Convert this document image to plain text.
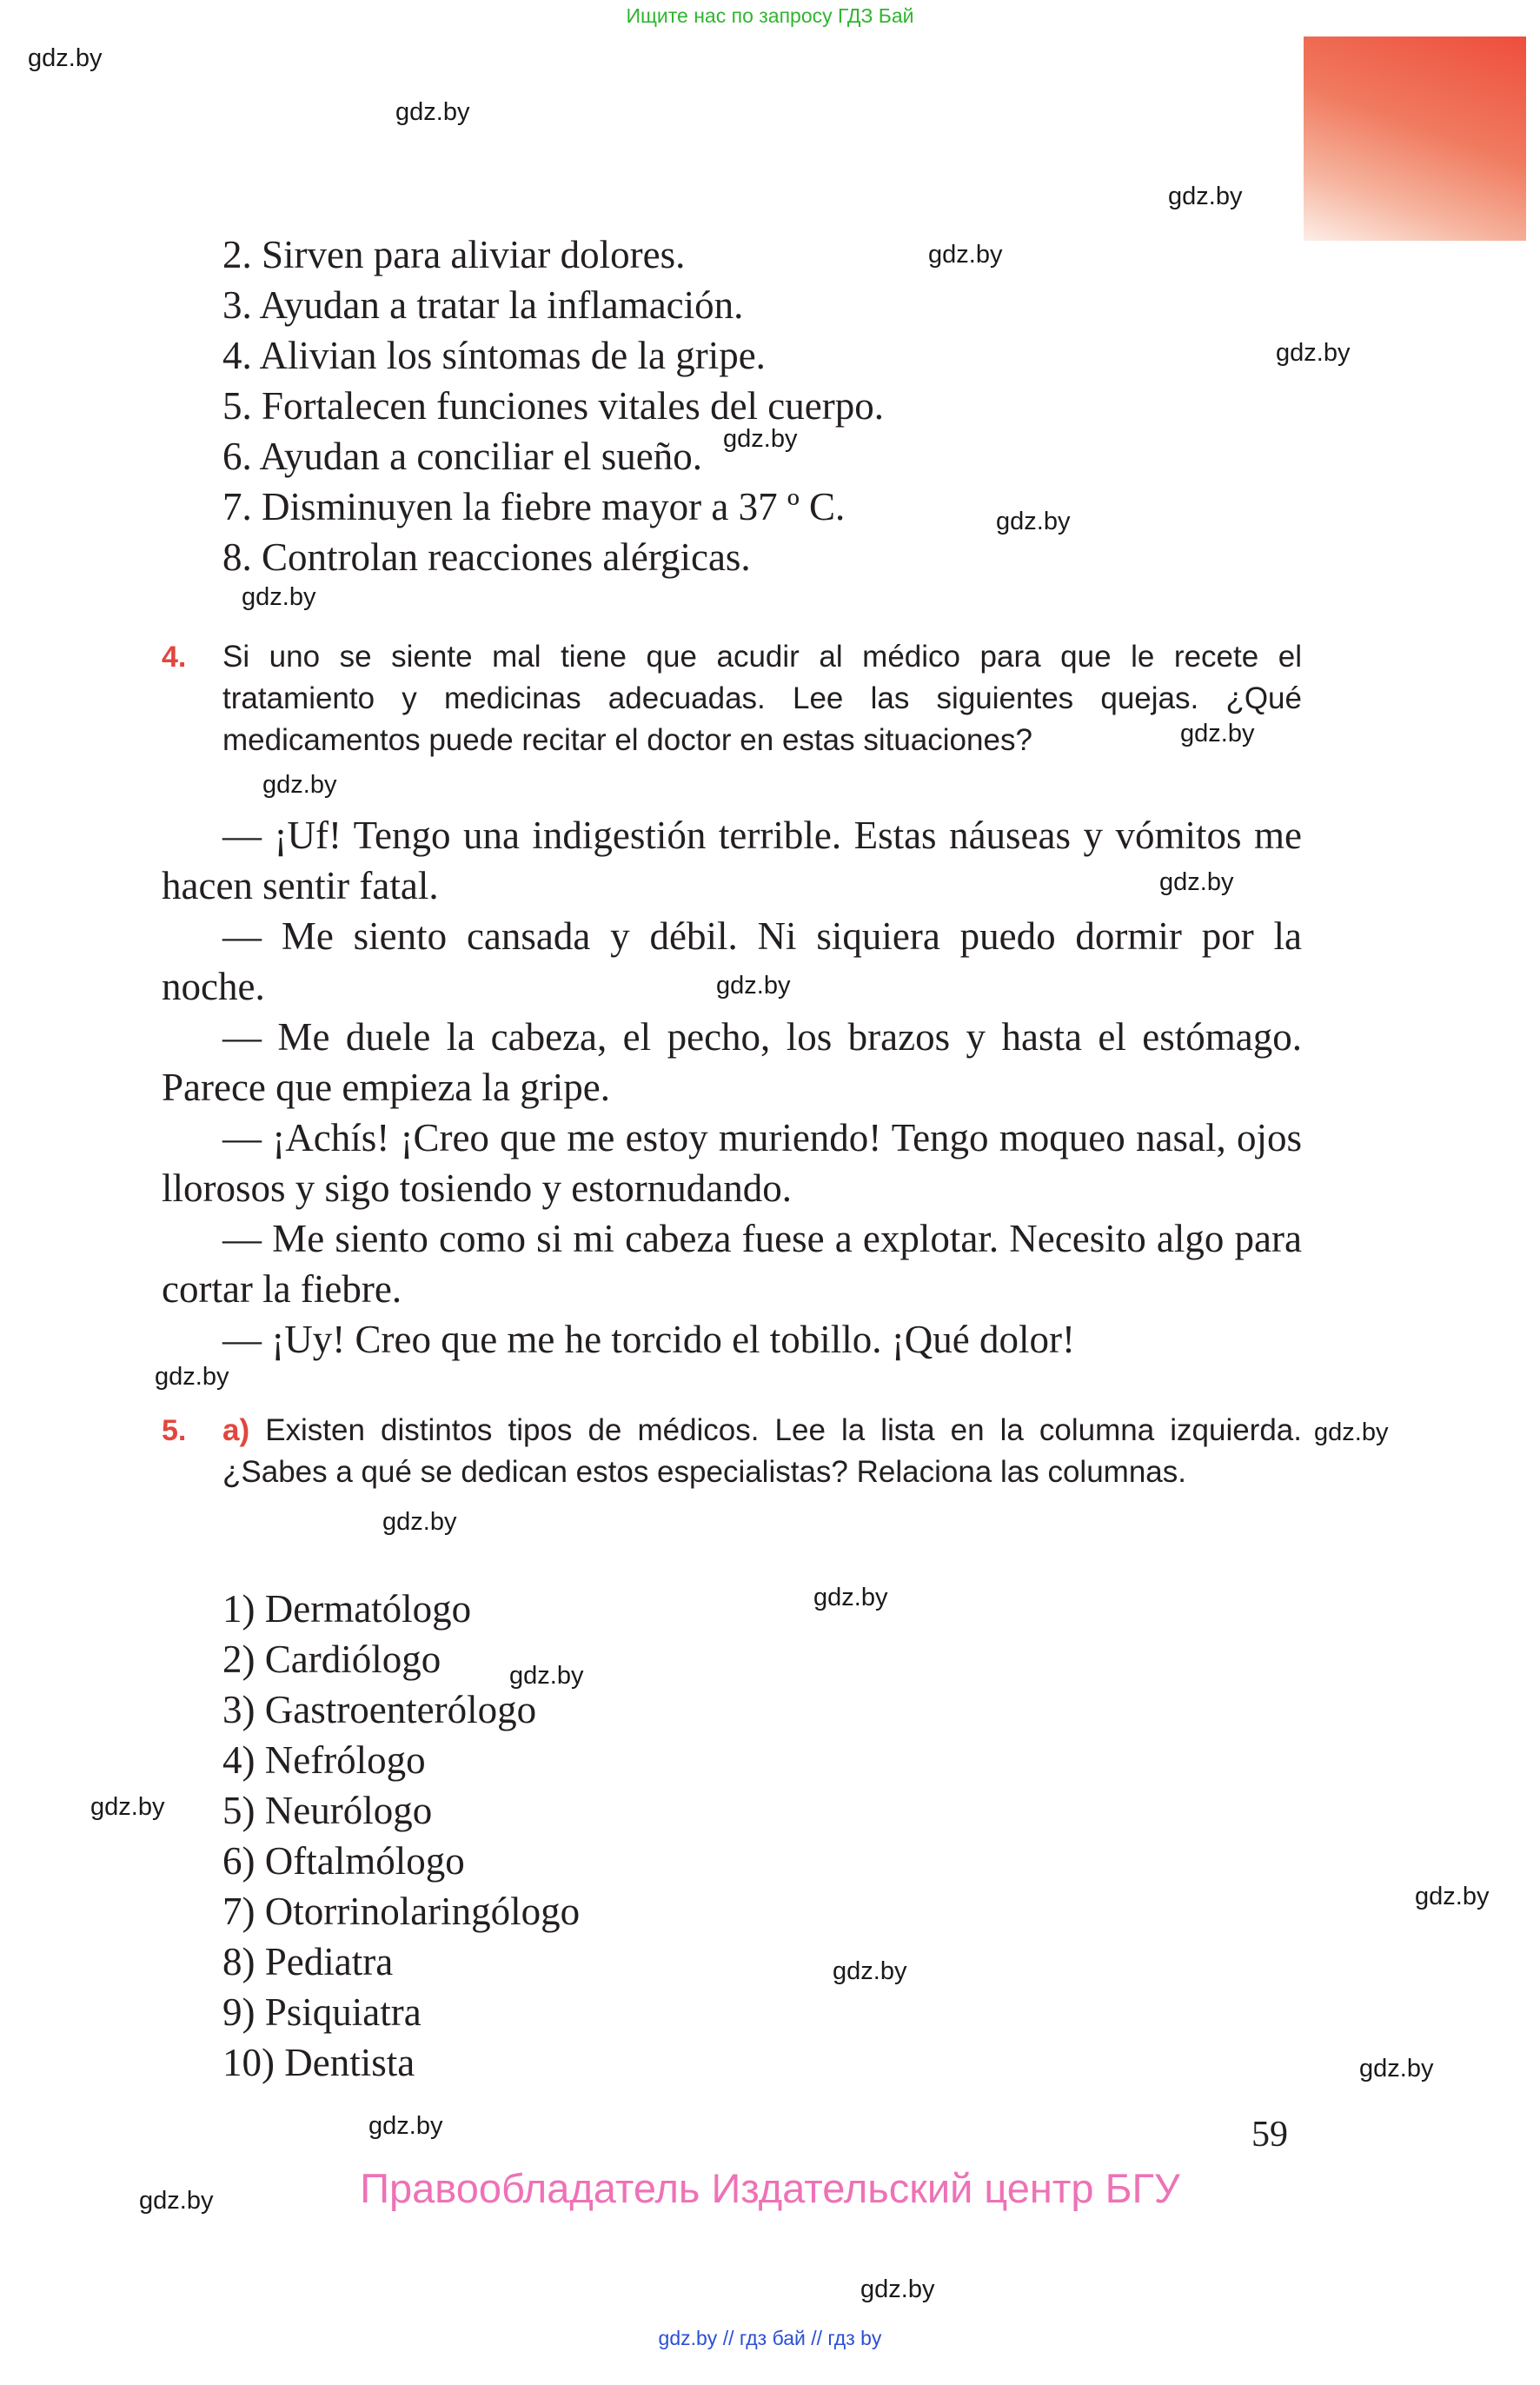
Ищите нас по запросу ГДЗ Бай
gdz.by
gdz.by
gdz.by
gdz.by
gdz.by
gdz.by
gdz.by
gdz.by
gdz.by
gdz.by
gdz.by
gdz.by
gdz.by
gdz.by
gdz.by
gdz.by
gdz.by
gdz.by
gdz.by
gdz.by
gdz.by
gdz.by
gdz.by
gdz.by
2. Sirven para aliviar dolores.
3. Ayudan a tratar la inflamación.
4. Alivian los síntomas de la gripe.
5. Fortalecen funciones vitales del cuerpo.
6. Ayudan a conciliar el sueño.
7. Disminuyen la fiebre mayor a 37 º C.
8. Controlan reacciones alérgicas.
4. Si uno se siente mal tiene que acudir al médico para que le recete el tratamiento y medicinas adecuadas. Lee las siguientes quejas. ¿Qué medicamentos puede recitar el doctor en estas situaciones?

— ¡Uf! Tengo una indigestión terrible. Estas náuseas y vómitos me hacen sentir fatal.

— Me siento cansada y débil. Ni siquiera puedo dormir por la noche.

— Me duele la cabeza, el pecho, los brazos y hasta el estómago. Parece que empieza la gripe.

— ¡Achís! ¡Creo que me estoy muriendo! Tengo moqueo nasal, ojos llorosos y sigo tosiendo y estornudando.

— Me siento como si mi cabeza fuese a explotar. Necesito algo para cortar la fiebre.

— ¡Uy! Creo que me he torcido el tobillo. ¡Qué dolor!

5. a) Existen distintos tipos de médicos. Lee la lista en la columna izquierda. ¿Sabes a qué se dedican estos especialistas? Relaciona las columnas.
1) Dermatólogo
2) Cardiólogo
3) Gastroenterólogo
4) Nefrólogo
5) Neurólogo
6) Oftalmólogo
7) Otorrinolaringólogo
8) Pediatra
9) Psiquiatra
10) Dentista
59
Правообладатель Издательский центр БГУ
gdz.by // гдз бай // гдз by
